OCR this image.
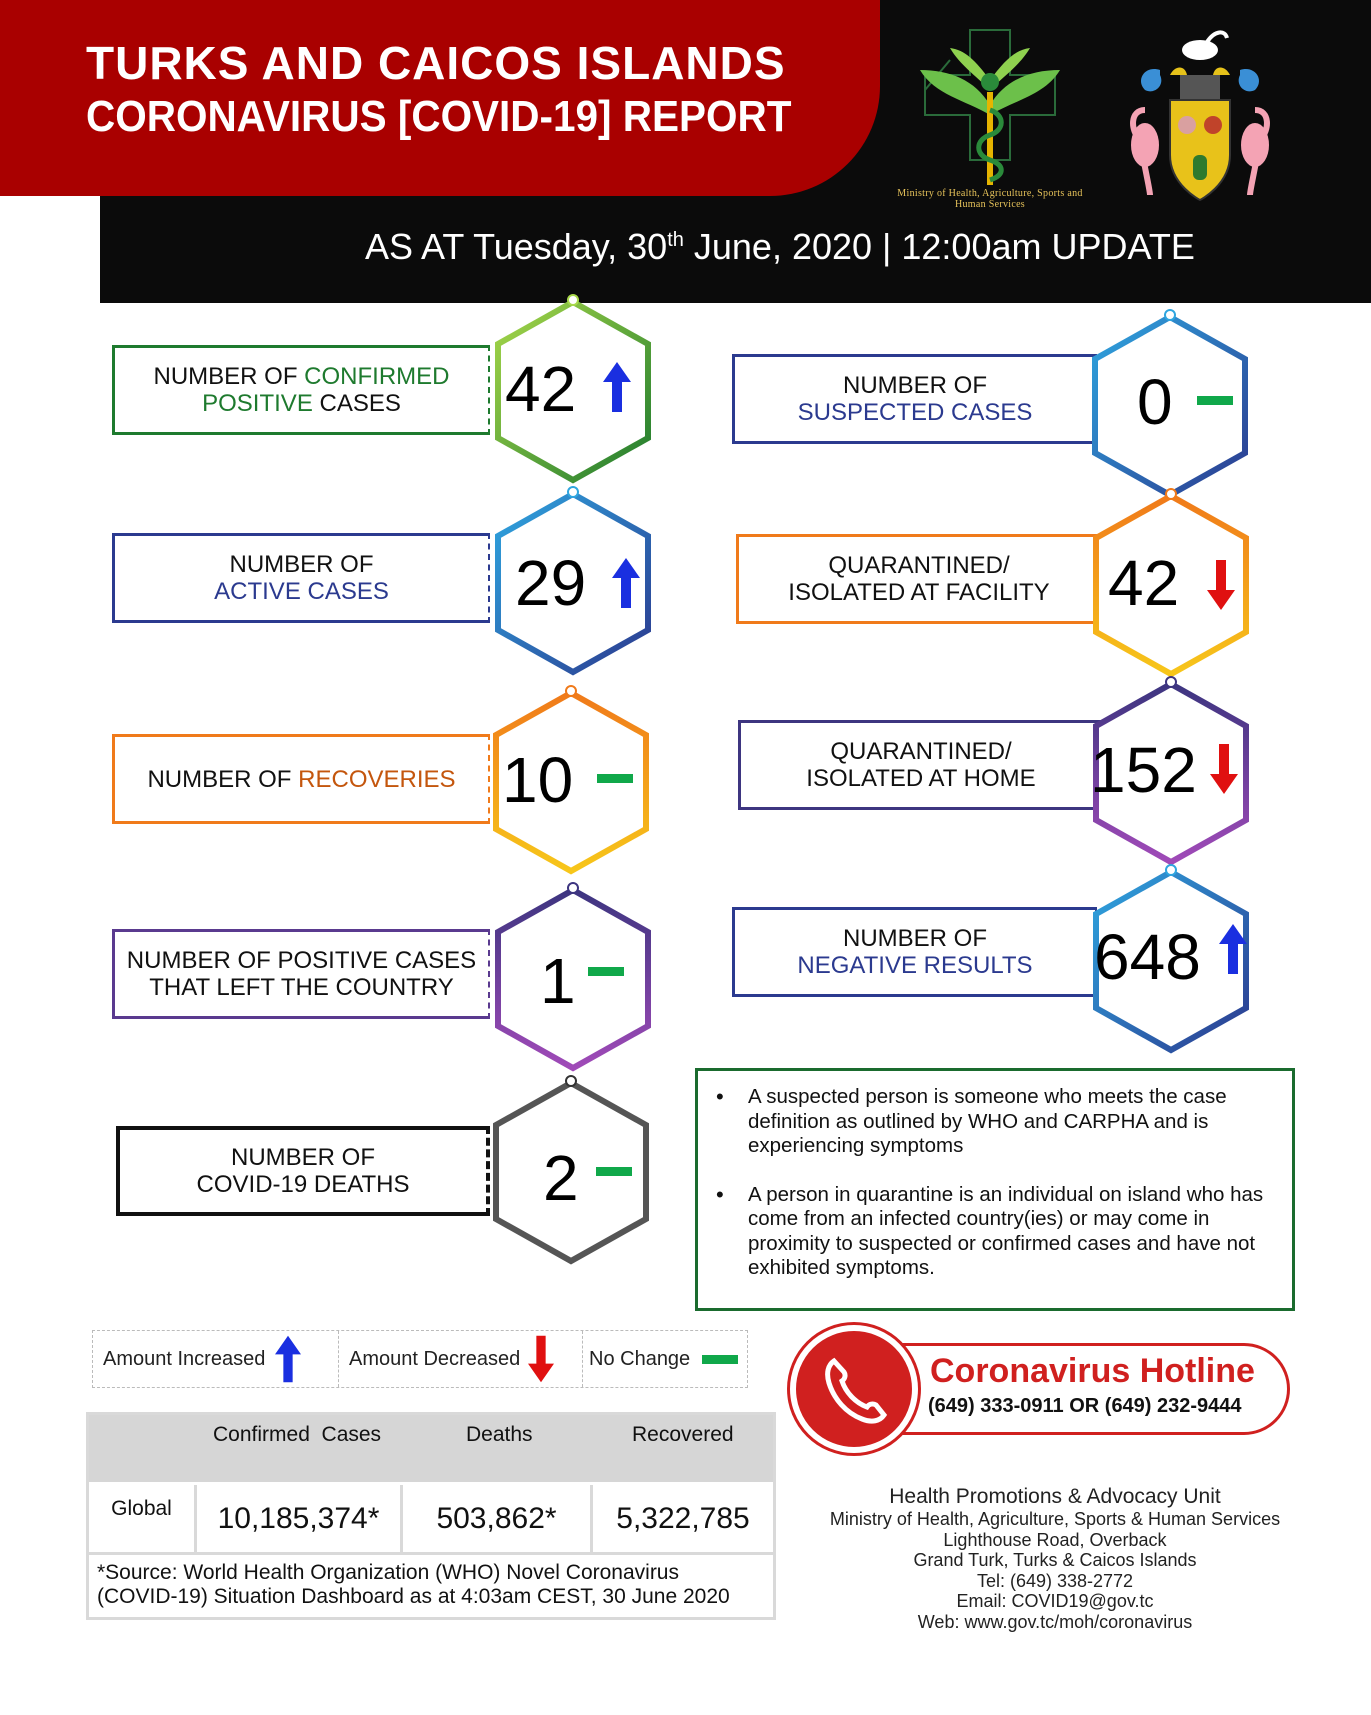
TURKS AND CAICOS ISLANDS
CORONAVIRUS [COVID-19] REPORT
AS AT Tuesday, 30th June, 2020 | 12:00am UPDATE
Ministry of Health, Agriculture, Sports and Human Services
NUMBER OF CONFIRMED
POSITIVE CASES 42
NUMBER OF
ACTIVE CASES 29
NUMBER OF RECOVERIES 10
NUMBER OF POSITIVE CASES
THAT LEFT THE COUNTRY 1
NUMBER OF
COVID-19 DEATHS 2
NUMBER OF
SUSPECTED CASES 0
QUARANTINED/
ISOLATED AT FACILITY 42
QUARANTINED/
ISOLATED AT HOME 152
NUMBER OF
NEGATIVE RESULTS 648
• A suspected person is someone who meets the case definition as outlined by WHO and CARPHA and is experiencing symptoms
• A person in quarantine is an individual on island who has come from an infected country(ies) or may come in proximity to suspected or confirmed cases and have not exhibited symptoms.
Amount Increased	Amount Decreased	No Change
Confirmed  Cases	Deaths	Recovered
Global	10,185,374*	503,862*	5,322,785
*Source: World Health Organization (WHO) Novel Coronavirus (COVID-19) Situation Dashboard as at 4:03am CEST, 30 June 2020
Coronavirus Hotline
(649) 333-0911 OR (649) 232-9444
Health Promotions & Advocacy Unit
Ministry of Health, Agriculture, Sports & Human Services
Lighthouse Road, Overback
Grand Turk, Turks & Caicos Islands
Tel: (649) 338-2772
Email: COVID19@gov.tc
Web: www.gov.tc/moh/coronavirus
